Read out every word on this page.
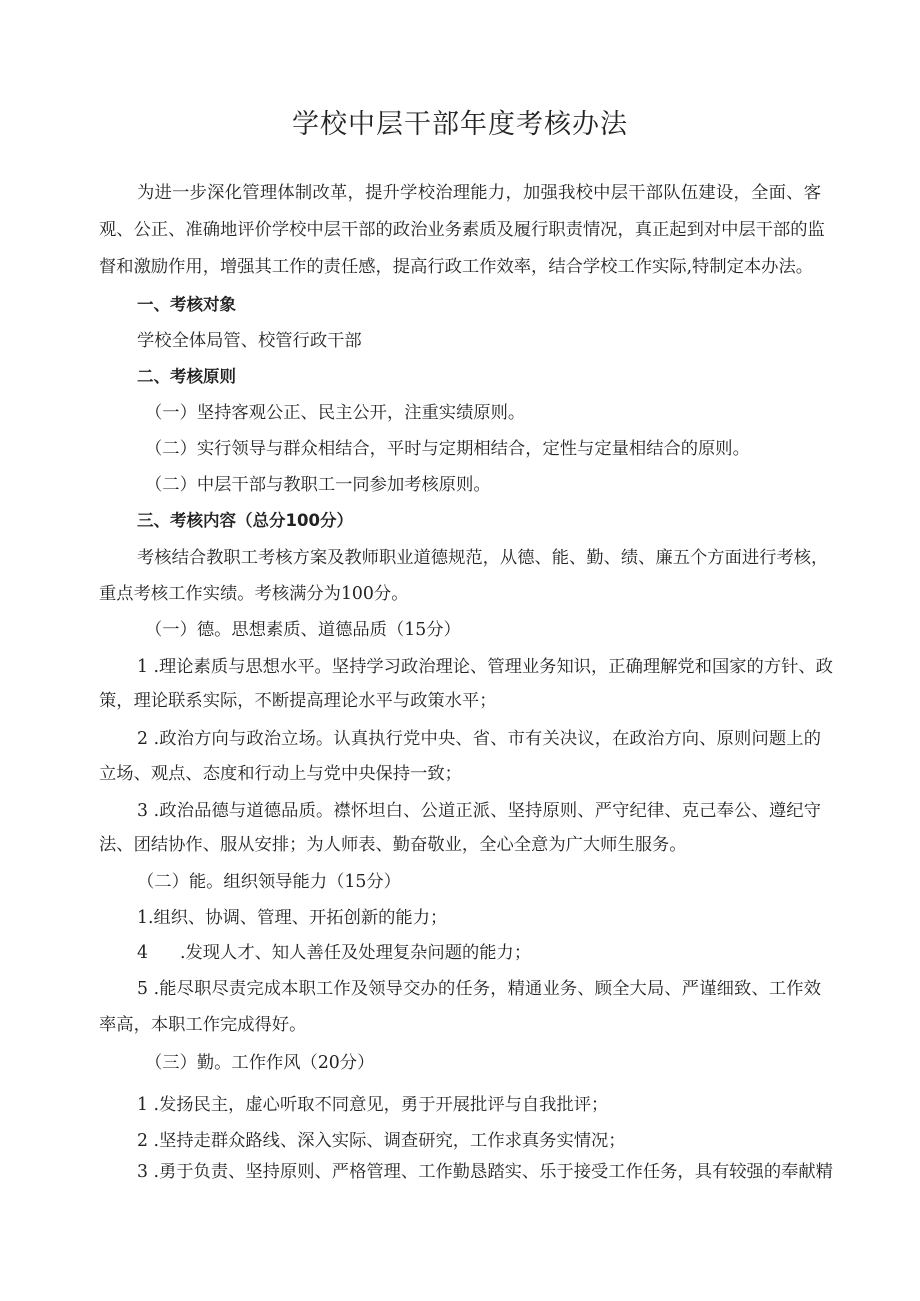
学校中层干部年度考核办法
为进一步深化管理体制改革，提升学校治理能力，加强我校中层干部队伍建设，全面、客
观、公正、准确地评价学校中层干部的政治业务素质及履行职责情况，真正起到对中层干部的监
督和激励作用，增强其工作的责任感，提高行政工作效率，结合学校工作实际,特制定本办法。
一、考核对象
学校全体局管、校管行政干部
二、考核原则
（一）坚持客观公正、民主公开，注重实绩原则。
（二）实行领导与群众相结合，平时与定期相结合，定性与定量相结合的原则。
（二）中层干部与教职工一同参加考核原则。
三、考核内容（总分100分）
考核结合教职工考核方案及教师职业道德规范，从德、能、勤、绩、廉五个方面进行考核，
重点考核工作实绩。考核满分为100分。
（一）德。思想素质、道德品质（15分）
1 .理论素质与思想水平。坚持学习政治理论、管理业务知识，正确理解党和国家的方针、政
策，理论联系实际，不断提高理论水平与政策水平；
2 .政治方向与政治立场。认真执行党中央、省、市有关决议，在政治方向、原则问题上的
立场、观点、态度和行动上与党中央保持一致；
3 .政治品德与道德品质。襟怀坦白、公道正派、坚持原则、严守纪律、克己奉公、遵纪守
法、团结协作、服从安排；为人师表、勤奋敬业，全心全意为广大师生服务。
（二）能。组织领导能力（15分）
1.组织、协调、管理、开拓创新的能力；
4 .发现人才、知人善任及处理复杂问题的能力；
5 .能尽职尽责完成本职工作及领导交办的任务，精通业务、顾全大局、严谨细致、工作效
率高，本职工作完成得好。
（三）勤。工作作风（20分）
1 .发扬民主，虚心听取不同意见，勇于开展批评与自我批评；
2 .坚持走群众路线、深入实际、调查研究，工作求真务实情况；
3 .勇于负责、坚持原则、严格管理、工作勤恳踏实、乐于接受工作任务，具有较强的奉献精
